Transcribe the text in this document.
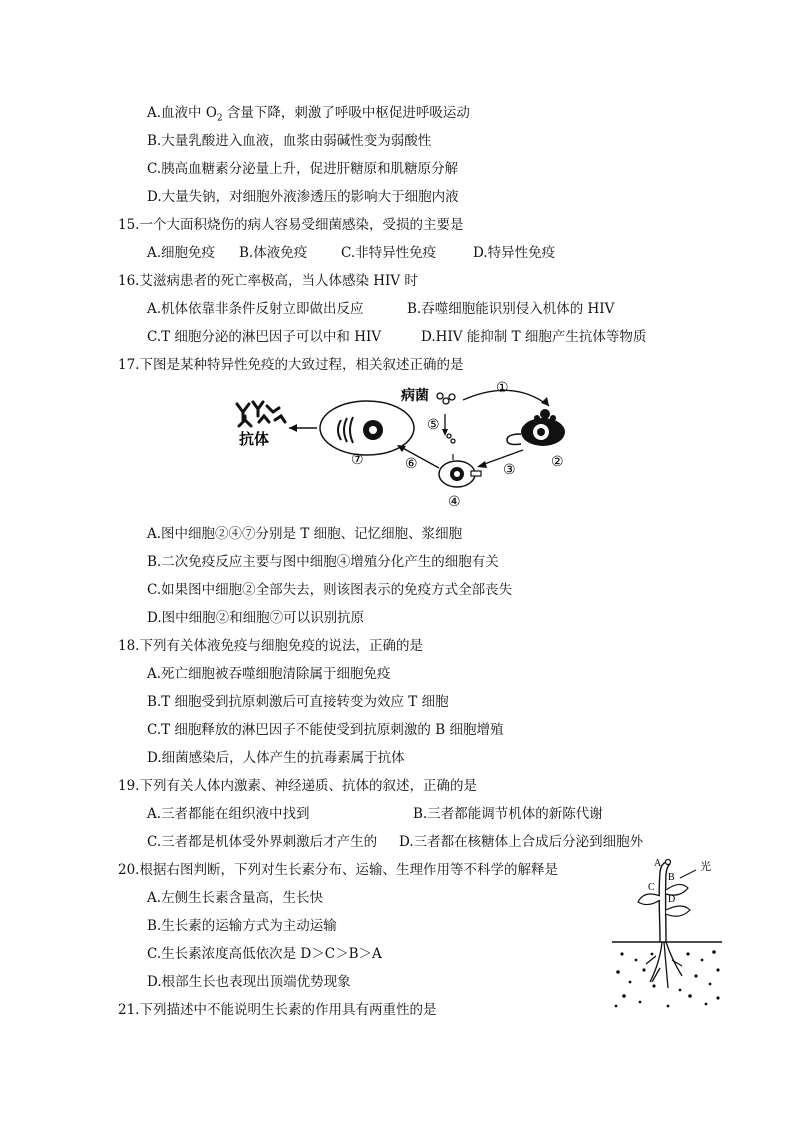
A.血液中 $O_2$ 含量下降，刺激了呼吸中枢促进呼吸运动
B.大量乳酸进入血液，血浆由弱碱性变为弱酸性
C.胰高血糖素分泌量上升，促进肝糖原和肌糖原分解
D.大量失钠，对细胞外液渗透压的影响大于细胞内液
15.一个大面积烧伤的病人容易受细菌感染，受损的主要是
A.细胞免疫 B.体液免疫	C.非特异性免疫	D.特异性免疫
16.艾滋病患者的死亡率极高，当人体感染 HIV 时
A.机体依靠非条件反射立即做出反应	B.吞噬细胞能识别侵入机体的 HIV
C.T 细胞分泌的淋巴因子可以中和 HIV	D.HIV 能抑制 T 细胞产生抗体等物质
17.下图是某种特异性免疫的大致过程，相关叙述正确的是
抗体
⑦
病菌	①
⑤
②
③
④
⑥
A.图中细胞②④⑦分别是 T 细胞、记忆细胞、浆细胞
B.二次免疫反应主要与图中细胞④增殖分化产生的细胞有关
C.如果图中细胞②全部失去，则该图表示的免疫方式全部丧失
D.图中细胞②和细胞⑦可以识别抗原
18.下列有关体液免疫与细胞免疫的说法，正确的是
A.死亡细胞被吞噬细胞清除属于细胞免疫
B.T 细胞受到抗原刺激后可直接转变为效应 T 细胞
C.T 细胞释放的淋巴因子不能使受到抗原刺激的 B 细胞增殖
D.细菌感染后，人体产生的抗毒素属于抗体
19.下列有关人体内激素、神经递质、抗体的叙述，正确的是
A.三者都能在组织液中找到	B.三者都能调节机体的新陈代谢
C.三者都是机体受外界刺激后才产生的 D.三者都在核糖体上合成后分泌到细胞外
20.根据右图判断，下列对生长素分布、运输、生理作用等不科学的解释是
A.左侧生长素含量高，生长快
B.生长素的运输方式为主动运输
C.生长素浓度高低依次是 D＞C＞B＞A
D.根部生长也表现出顶端优势现象
A
B
C
D
光
21.下列描述中不能说明生长素的作用具有两重性的是
